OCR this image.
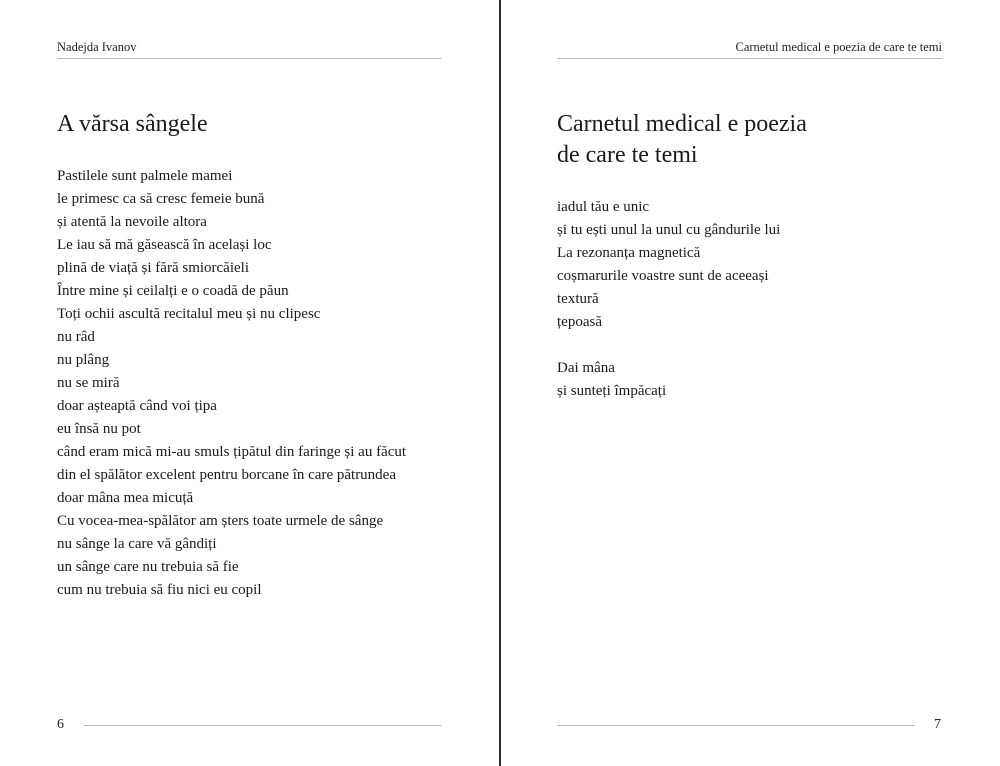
Nadejda Ivanov
A vărsa sângele
Pastilele sunt palmele mamei
le primesc ca să cresc femeie bună
și atentă la nevoile altora
Le iau să mă găsească în același loc
plină de viață și fără smiorcăieli
Între mine și ceilalți e o coadă de păun
Toți ochii ascultă recitalul meu și nu clipesc
nu râd
nu plâng
nu se miră
doar așteaptă când voi țipa
eu însă nu pot
când eram mică mi-au smuls țipătul din faringe și au făcut
din el spălător excelent pentru borcane în care pătrundea
doar mâna mea micuță
Cu vocea-mea-spălător am șters toate urmele de sânge
nu sânge la care vă gândiți
un sânge care nu trebuia să fie
cum nu trebuia să fiu nici eu copil
6
Carnetul medical e poezia de care te temi
Carnetul medical e poezia
de care te temi
iadul tău e unic
și tu ești unul la unul cu gândurile lui
La rezonanța magnetică
coșmarurile voastre sunt de aceeași
textură
țepoasă
Dai mâna
și sunteți împăcați
7
